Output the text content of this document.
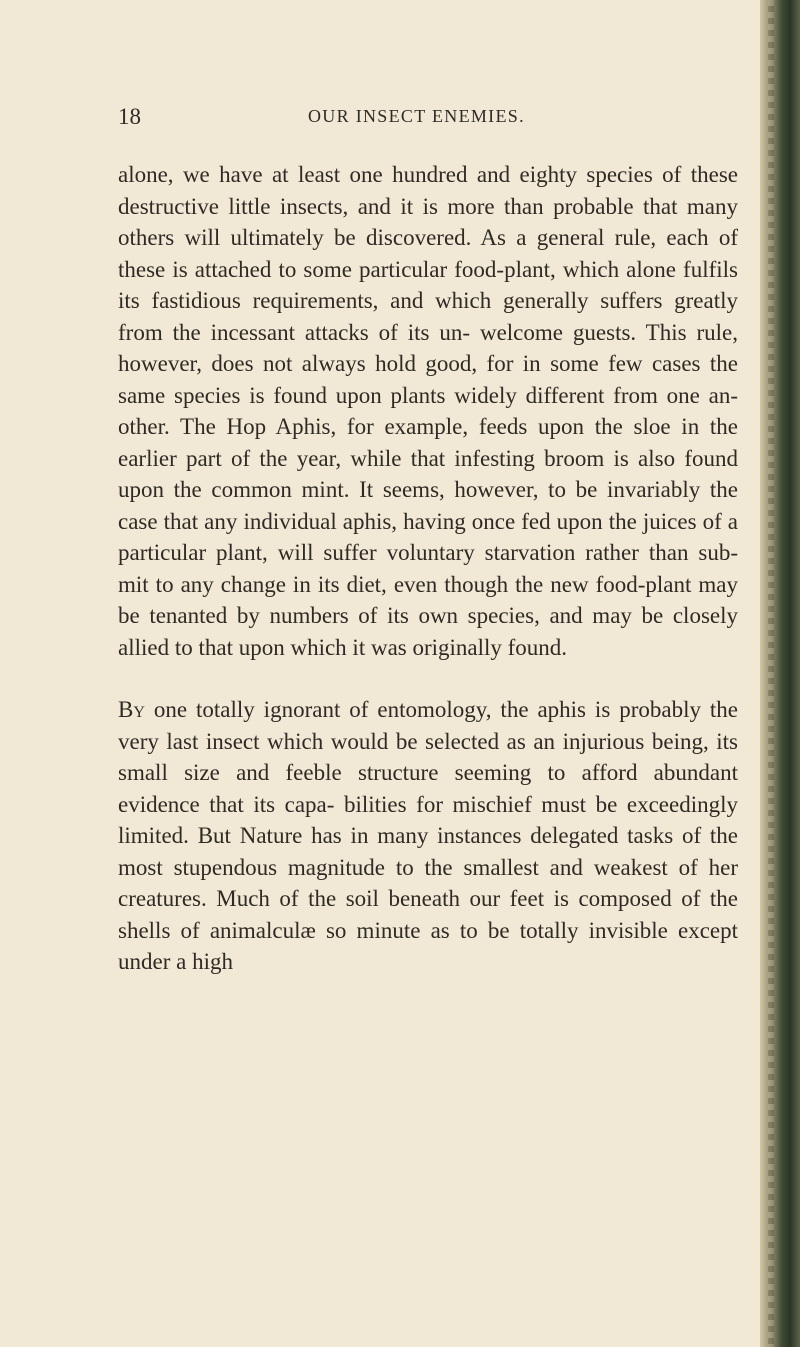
18	OUR INSECT ENEMIES.

alone, we have at least one hundred and eighty species of these destructive little insects, and it is more than probable that many others will ultimately be discovered. As a general rule, each of these is attached to some particular food-plant, which alone fulfils its fastidious requirements, and which generally suffers greatly from the incessant attacks of its un- welcome guests. This rule, however, does not always hold good, for in some few cases the same species is found upon plants widely different from one an- other. The Hop Aphis, for example, feeds upon the sloe in the earlier part of the year, while that infesting broom is also found upon the common mint. It seems, however, to be invariably the case that any individual aphis, having once fed upon the juices of a particular plant, will suffer voluntary starvation rather than sub- mit to any change in its diet, even though the new food-plant may be tenanted by numbers of its own species, and may be closely allied to that upon which it was originally found.

By one totally ignorant of entomology, the aphis is probably the very last insect which would be selected as an injurious being, its small size and feeble structure seeming to afford abundant evidence that its capa- bilities for mischief must be exceedingly limited. But Nature has in many instances delegated tasks of the most stupendous magnitude to the smallest and weakest of her creatures. Much of the soil beneath our feet is composed of the shells of animalculæ so minute as to be totally invisible except under a high
